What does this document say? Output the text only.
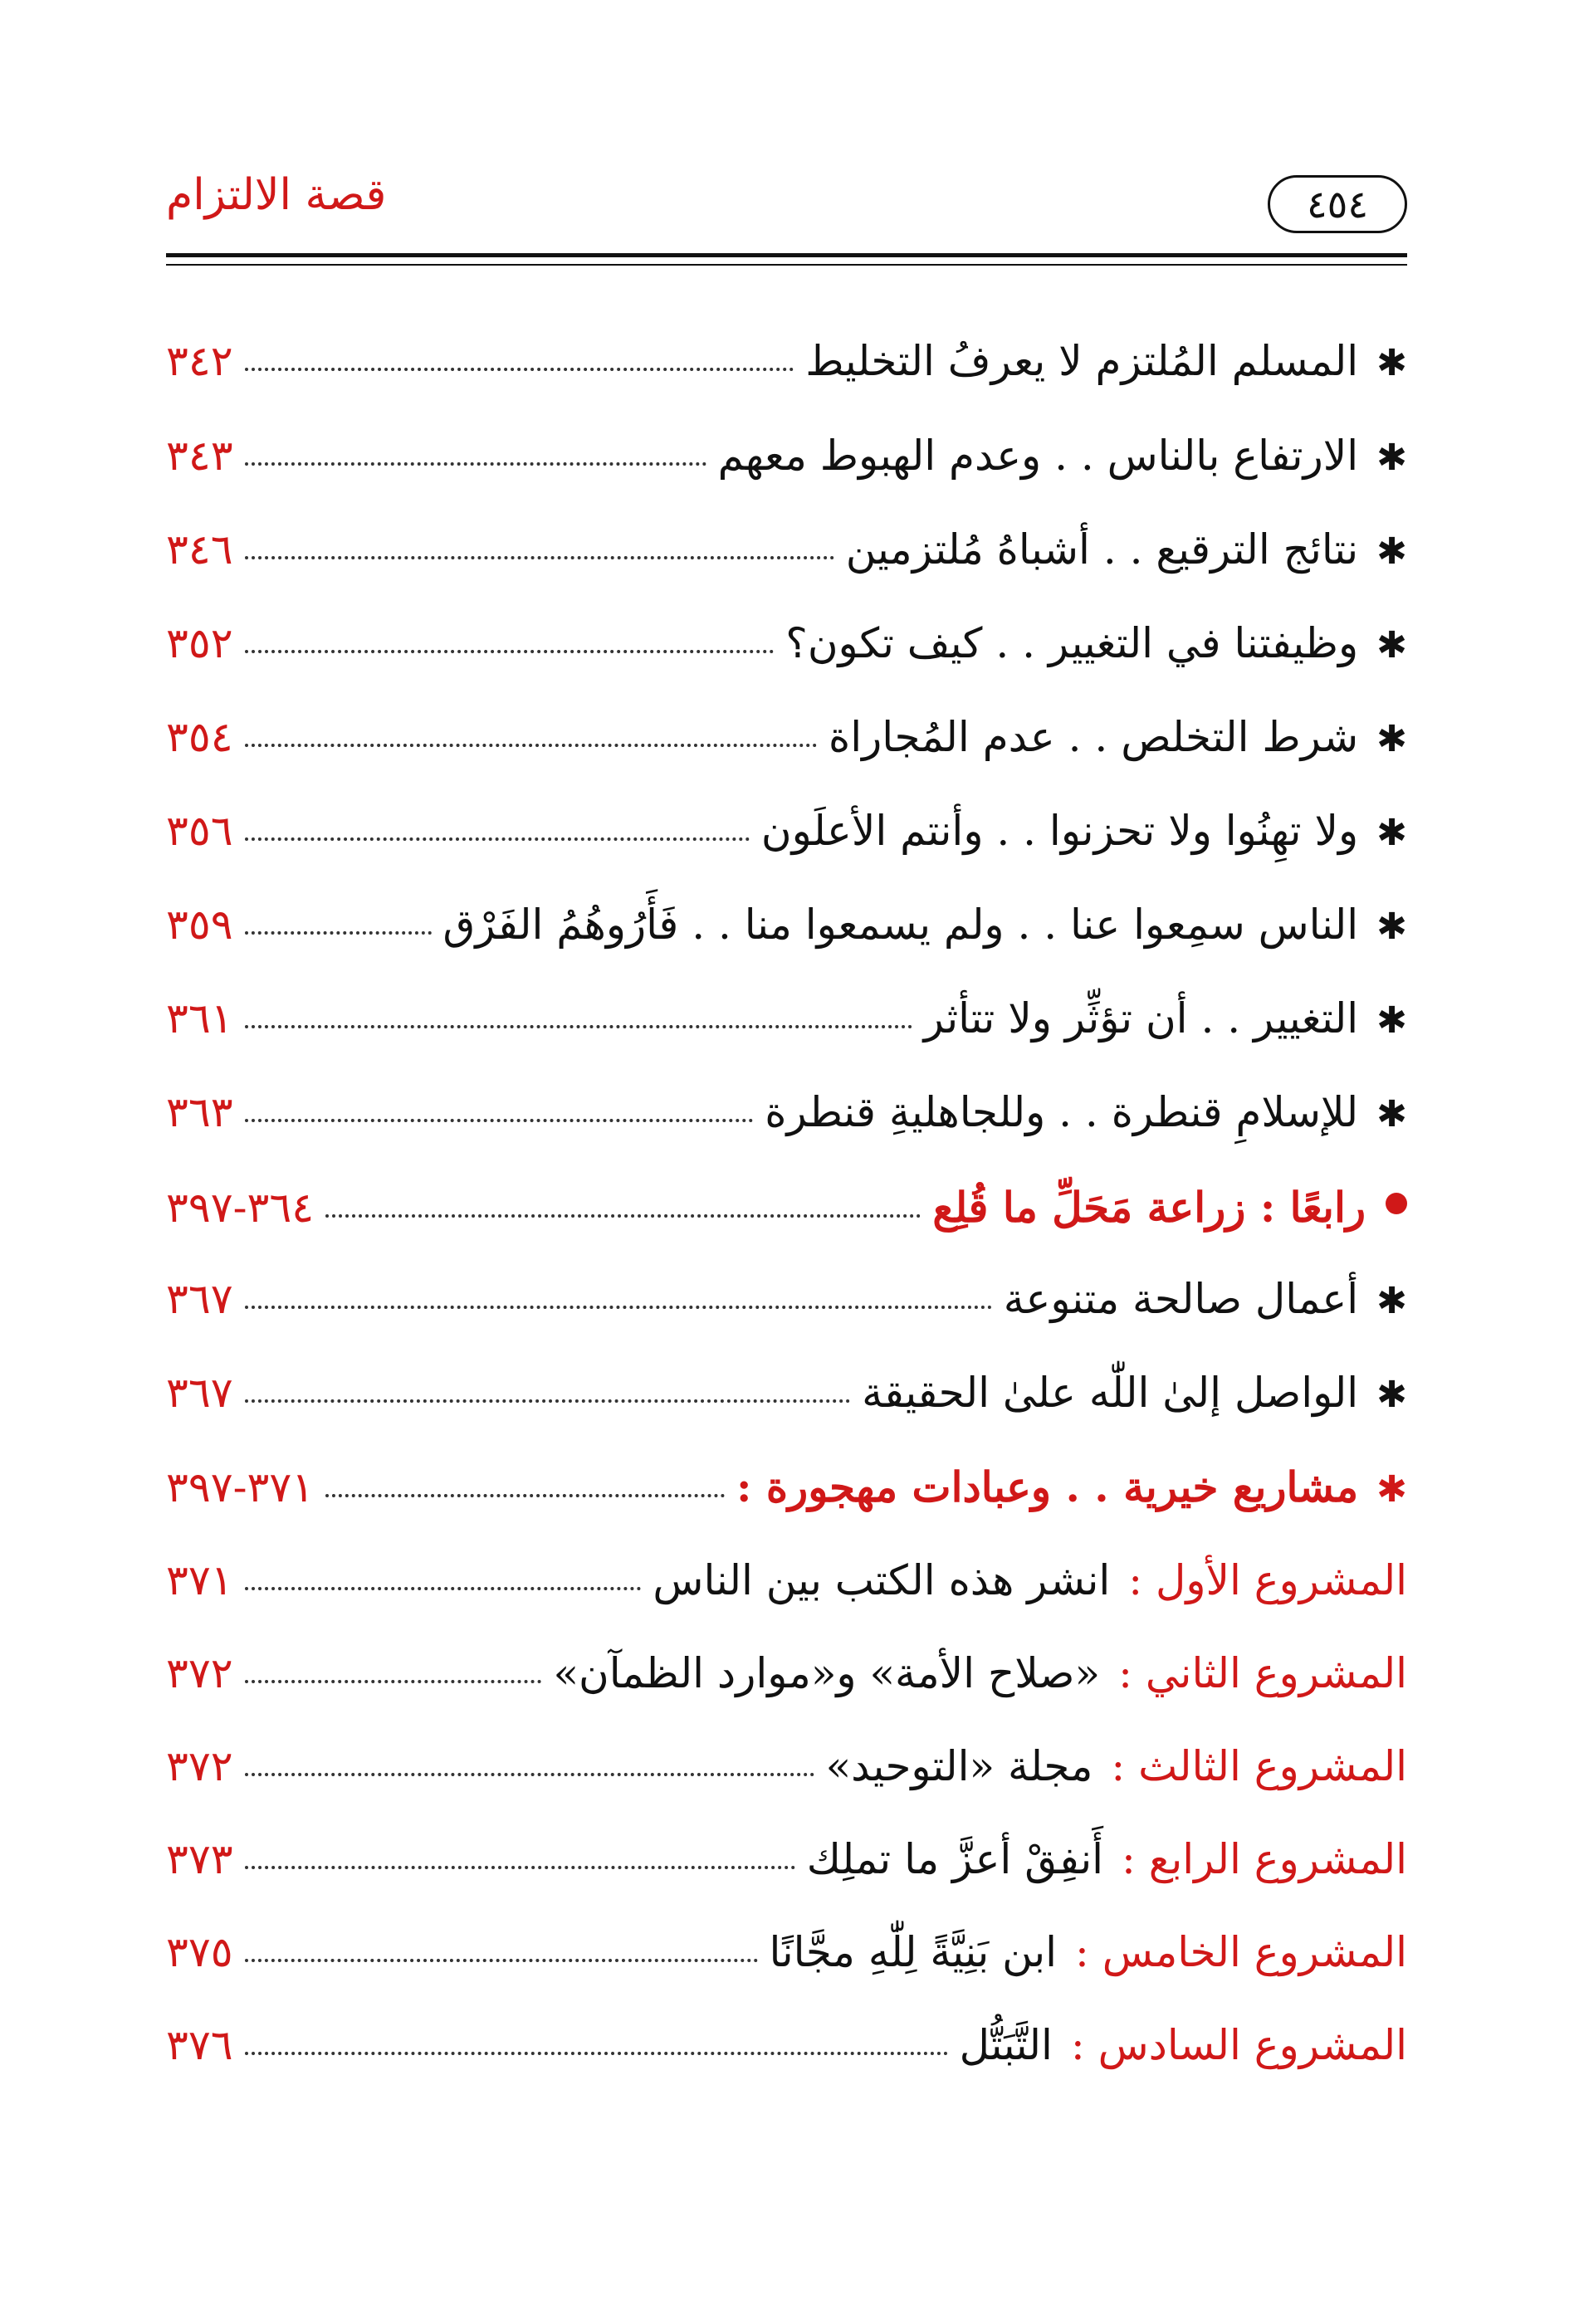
قصة الالتزام	٤٥٤
✱
المسلم المُلتزم لا يعرفُ التخليط
٣٤٢
✱
الارتفاع بالناس . . وعدم الهبوط معهم
٣٤٣
✱
نتائج الترقيع . . أشباهُ مُلتزمين
٣٤٦
✱
وظيفتنا في التغيير . . كيف تكون؟
٣٥٢
✱
شرط التخلص . . عدم المُجاراة
٣٥٤
✱
ولا تهِنُوا ولا تحزنوا . . وأنتم الأعلَون
٣٥٦
✱
الناس سمِعوا عنا . . ولم يسمعوا منا . . فَأَرُوهُمُ الفَرْق
٣٥٩
✱
التغيير . . أن تؤثِّر ولا تتأثر
٣٦١
✱
للإسلامِ قنطرة . . وللجاهليةِ قنطرة
٣٦٣
رابعًا : زراعة مَحَلِّ ما قُلِع
٣٦٤-٣٩٧
✱
أعمال صالحة متنوعة
٣٦٧
✱
الواصل إلىٰ اللّٰه علىٰ الحقيقة
٣٦٧
✱
مشاريع خيرية . . وعبادات مهجورة :
٣٧١-٣٩٧
المشروع الأول :
انشر هذه الكتب بين الناس
٣٧١
المشروع الثاني :
«صلاح الأمة» و«موارد الظمآن»
٣٧٢
المشروع الثالث :
مجلة «التوحيد»
٣٧٢
المشروع الرابع :
أَنفِقْ أعزَّ ما تملِك
٣٧٣
المشروع الخامس :
ابن بَنِيَّةً لِلّٰهِ مجَّانًا
٣٧٥
المشروع السادس :
التَّبَتُّل
٣٧٦
